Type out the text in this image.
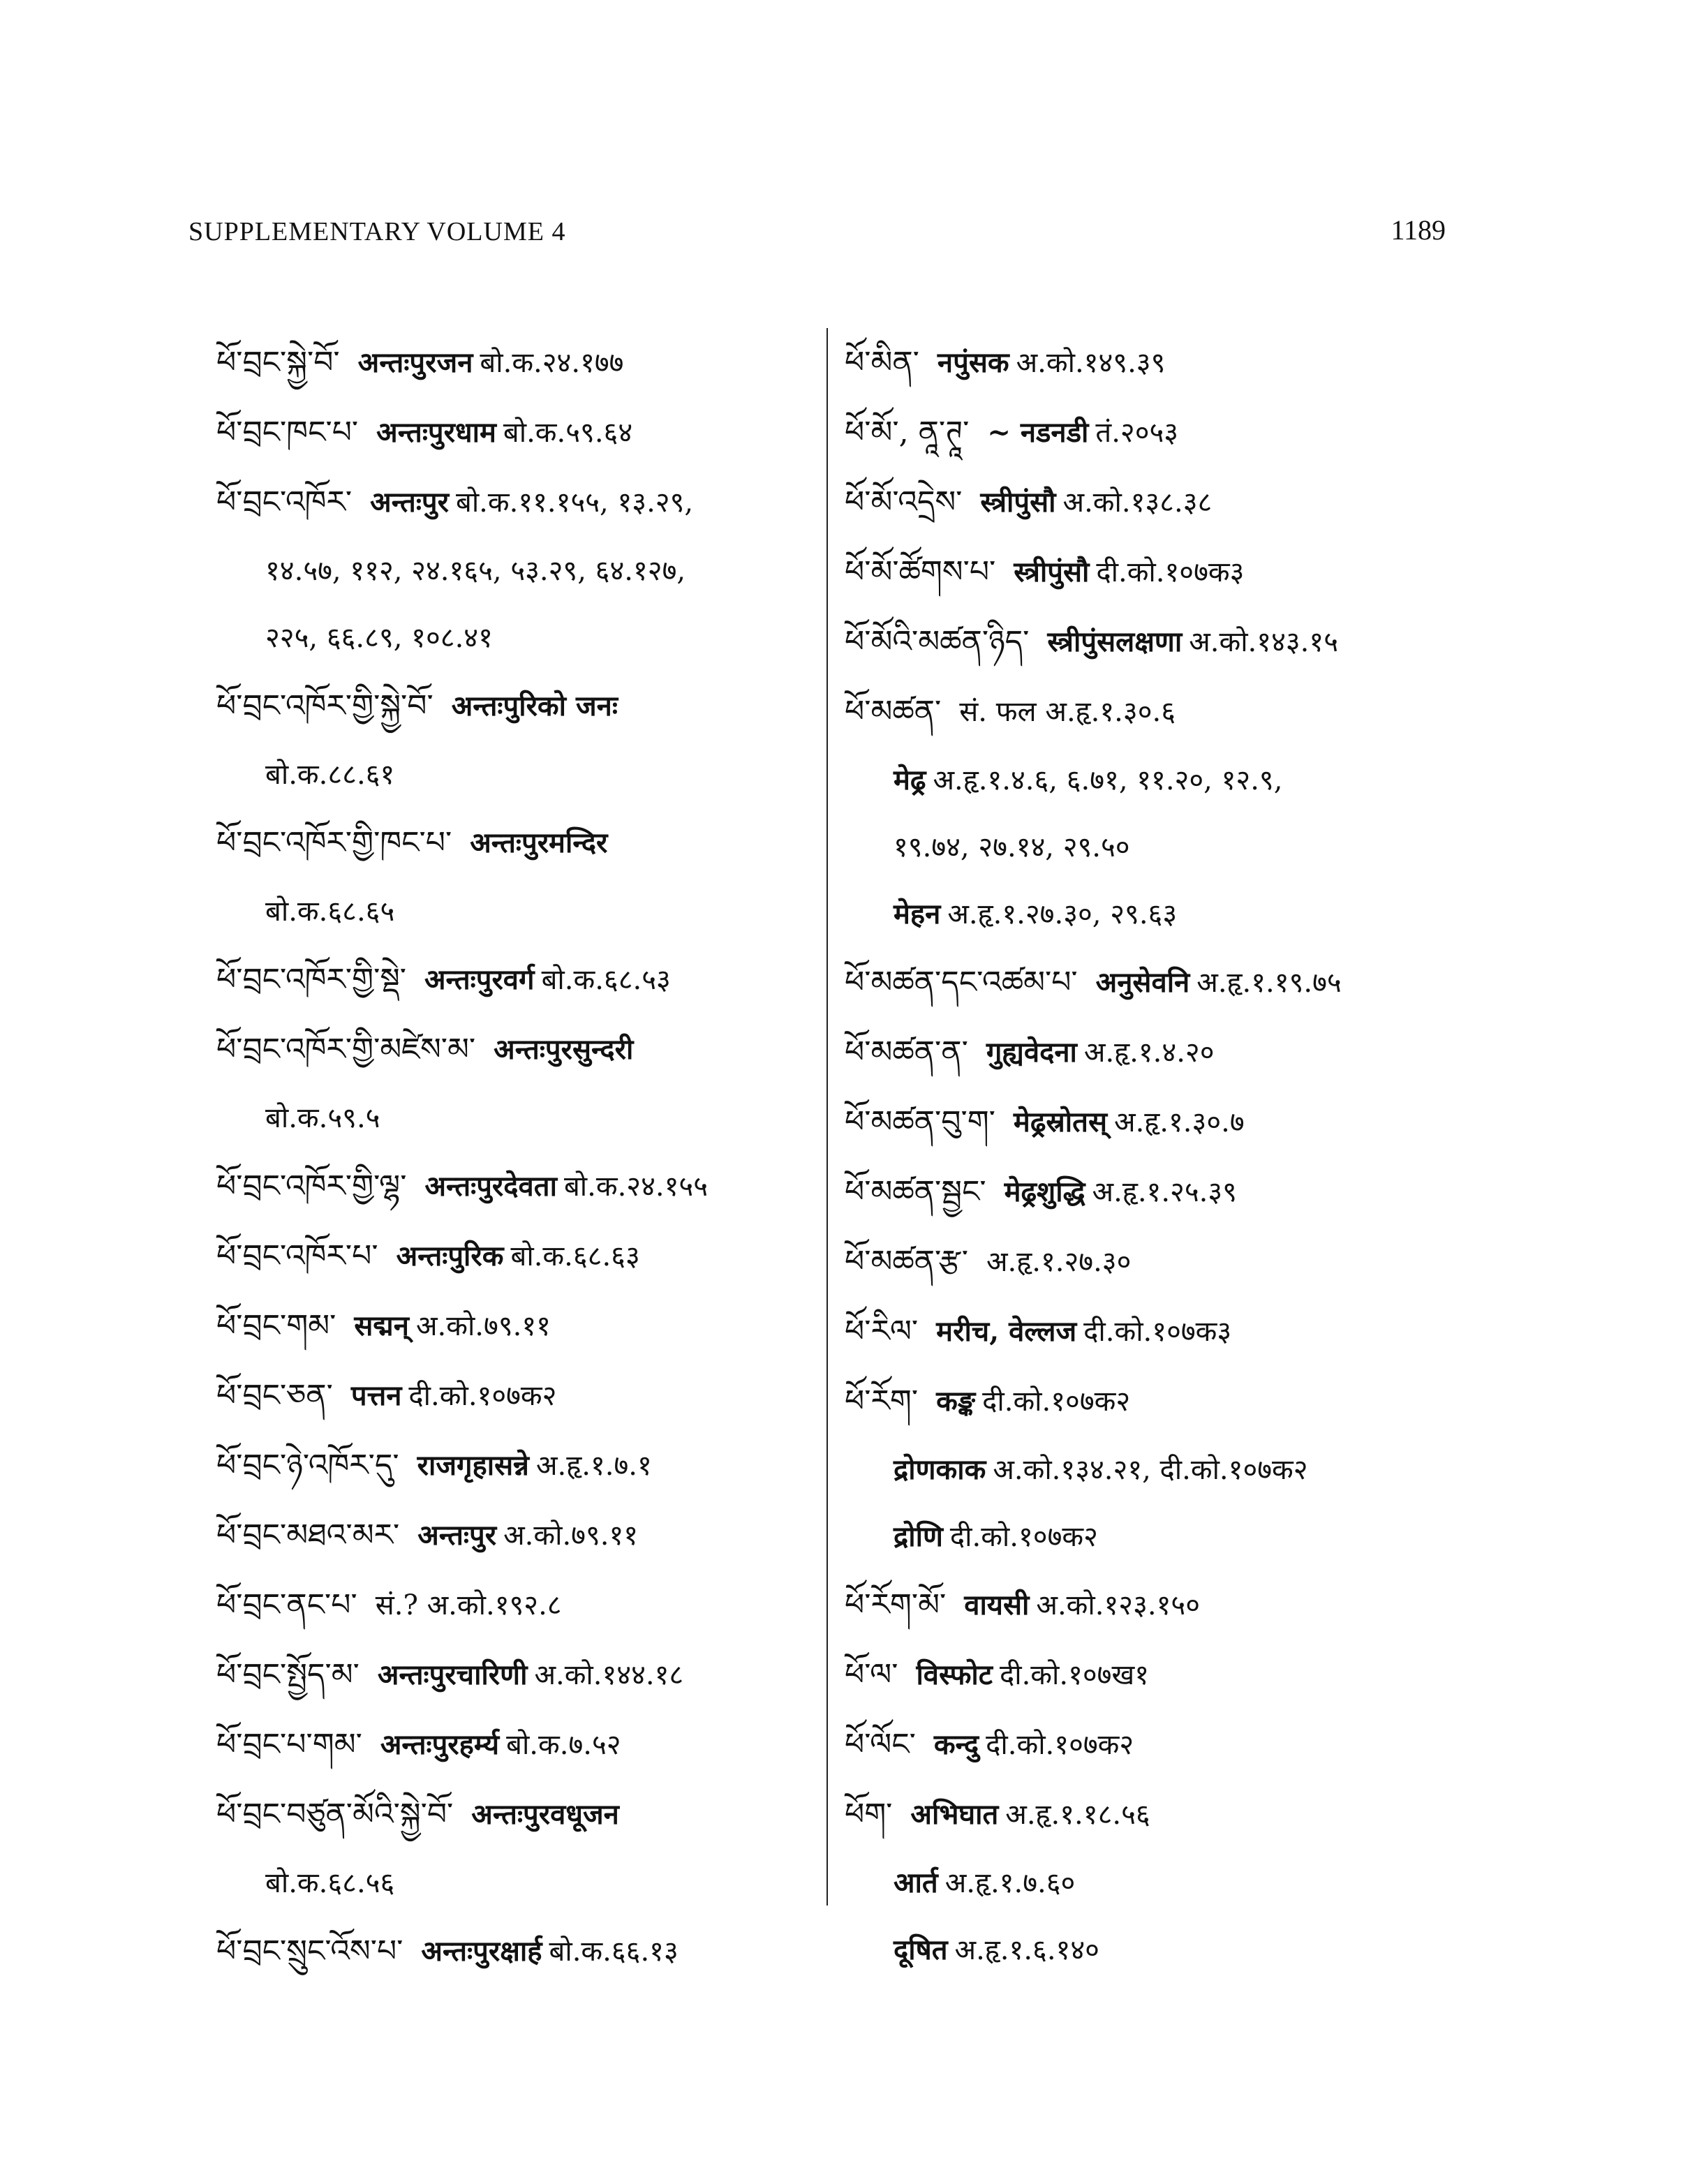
SUPPLEMENTARY VOLUME 4	1189
ཕོ་བྲང་སྐྱེ་བོ་ अन्तःपुरजन बो.क.२४.१७७
ཕོ་བྲང་ཁང་པ་ अन्तःपुरधाम बो.क.५९.६४
ཕོ་བྲང་འཁོར་ अन्तःपुर बो.क.११.१५५, १३.२९,
१४.५७, ११२, २४.१६५, ५३.२९, ६४.१२७,
२२५, ६६.८९, १०८.४१
ཕོ་བྲང་འཁོར་གྱི་སྐྱེ་བོ་ अन्तःपुरिको जनः
बो.क.८८.६१
ཕོ་བྲང་འཁོར་གྱི་ཁང་པ་ अन्तःपुरमन्दिर
बो.क.६८.६५
ཕོ་བྲང་འཁོར་གྱི་སྡེ་ अन्तःपुरवर्ग बो.क.६८.५३
ཕོ་བྲང་འཁོར་གྱི་མཛེས་མ་ अन्तःपुरसुन्दरी
बो.क.५९.५
ཕོ་བྲང་འཁོར་གྱི་ལྷ་ अन्तःपुरदेवता बो.क.२४.१५५
ཕོ་བྲང་འཁོར་པ་ अन्तःपुरिक बो.क.६८.६३
ཕོ་བྲང་གམ་ सद्मन् अ.को.७९.११
ཕོ་བྲང་ཅན་ पत्तन दी.को.१०७क२
ཕོ་བྲང་ཉེ་འཁོར་དུ་ राजगृहासन्ने अ.हृ.१.७.१
ཕོ་བྲང་མཐའ་མར་ अन्तःपुर अ.को.७९.११
ཕོ་བྲང་ནང་པ་ सं.? अ.को.१९२.८
ཕོ་བྲང་སྤྱོད་མ་ अन्तःपुरचारिणी अ.को.१४४.१८
ཕོ་བྲང་པ་གམ་ अन्तःपुरहर्म्य बो.क.७.५२
ཕོ་བྲང་བཙུན་མོའི་སྐྱེ་བོ་ अन्तःपुरवधूजन
बो.क.६८.५६
ཕོ་བྲང་སྲུང་འོས་པ་ अन्तःपुरक्षार्ह बो.क.६६.१३
ཕོ་མིན་ नपुंसक अ.को.१४९.३९
ཕོ་མོ་, ནཱ་ཊཱ་ ~ नडनडी तं.२०५३
ཕོ་མོ་འདྲེས་ स्त्रीपुंसौ अ.को.१३८.३८
ཕོ་མོ་ཚོགས་པ་ स्त्रीपुंसौ दी.को.१०७क३
ཕོ་མོའི་མཚན་ཉིད་ स्त्रीपुंसलक्षणा अ.को.१४३.१५
ཕོ་མཚན་ सं. फल अ.हृ.१.३०.६
मेढ्र अ.हृ.१.४.६, ६.७१, ११.२०, १२.९,
१९.७४, २७.१४, २९.५०
मेहन अ.हृ.१.२७.३०, २९.६३
ཕོ་མཚན་དང་འཚམ་པ་ अनुसेवनि अ.हृ.१.१९.७५
ཕོ་མཚན་ན་ गुह्यवेदना अ.हृ.१.४.२०
ཕོ་མཚན་བུ་ག་ मेढ्रस्रोतस् अ.हृ.१.३०.७
ཕོ་མཚན་སྦྱང་ मेढ्रशुद्धि अ.हृ.१.२५.३९
ཕོ་མཚན་རྩ་ अ.हृ.१.२७.३०
ཕོ་རིལ་ मरीच, वेल्लज दी.को.१०७क३
ཕོ་རོག་ कङ्क दी.को.१०७क२
द्रोणकाक अ.को.१३४.२१, दी.को.१०७क२
द्रोणि दी.को.१०७क२
ཕོ་རོག་མོ་ वायसी अ.को.१२३.१५०
ཕོ་ལ་ विस्फोट दी.को.१०७ख१
ཕོ་ལོང་ कन्दु दी.को.१०७क२
ཕོག་ अभिघात अ.हृ.१.१८.५६
आर्त अ.हृ.१.७.६०
दूषित अ.हृ.१.६.१४०
